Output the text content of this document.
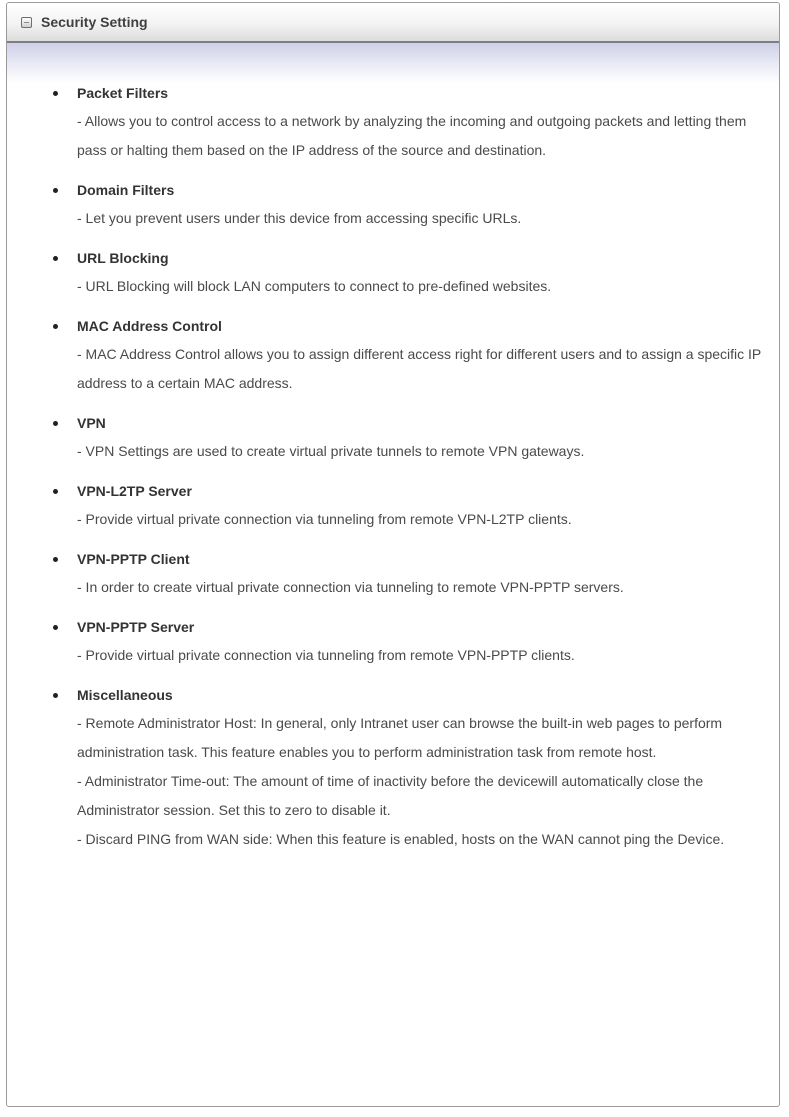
Security Setting
Packet Filters

- Allows you to control access to a network by analyzing the incoming and outgoing packets and letting them pass or halting them based on the IP address of the source and destination.

Domain Filters

- Let you prevent users under this device from accessing specific URLs.

URL Blocking

- URL Blocking will block LAN computers to connect to pre-defined websites.

MAC Address Control

- MAC Address Control allows you to assign different access right for different users and to assign a specific IP address to a certain MAC address.

VPN

- VPN Settings are used to create virtual private tunnels to remote VPN gateways.

VPN-L2TP Server

- Provide virtual private connection via tunneling from remote VPN-L2TP clients.

VPN-PPTP Client

- In order to create virtual private connection via tunneling to remote VPN-PPTP servers.

VPN-PPTP Server

- Provide virtual private connection via tunneling from remote VPN-PPTP clients.

Miscellaneous

- Remote Administrator Host: In general, only Intranet user can browse the built-in web pages to perform administration task. This feature enables you to perform administration task from remote host.

- Administrator Time-out: The amount of time of inactivity before the devicewill automatically close the Administrator session. Set this to zero to disable it.

- Discard PING from WAN side: When this feature is enabled, hosts on the WAN cannot ping the Device.
